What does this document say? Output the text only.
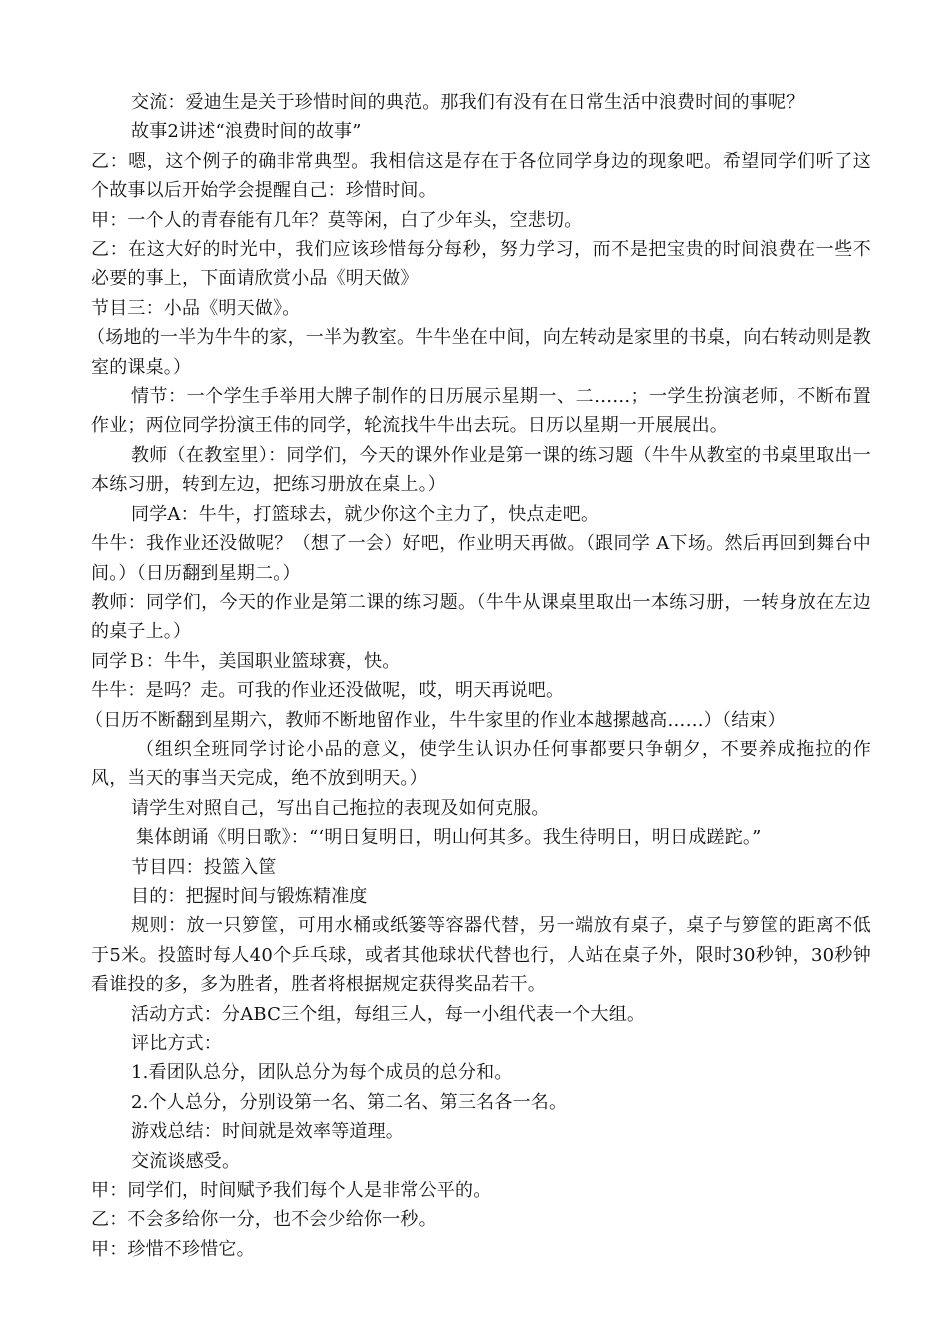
交流：爱迪生是关于珍惜时间的典范。那我们有没有在日常生活中浪费时间的事呢？

故事2讲述“浪费时间的故事”

乙：嗯，这个例子的确非常典型。我相信这是存在于各位同学身边的现象吧。希望同学们听了这个故事以后开始学会提醒自己：珍惜时间。

甲：一个人的青春能有几年？莫等闲，白了少年头，空悲切。

乙：在这大好的时光中，我们应该珍惜每分每秒，努力学习，而不是把宝贵的时间浪费在一些不必要的事上，下面请欣赏小品《明天做》

节目三：小品《明天做》。

（场地的一半为牛牛的家，一半为教室。牛牛坐在中间，向左转动是家里的书桌，向右转动则是教室的课桌。）

情节：一个学生手举用大牌子制作的日历展示星期一、二……；一学生扮演老师，不断布置作业；两位同学扮演王伟的同学，轮流找牛牛出去玩。日历以星期一开展展出。

教师（在教室里）：同学们，今天的课外作业是第一课的练习题（牛牛从教室的书桌里取出一本练习册，转到左边，把练习册放在桌上。）

同学A：牛牛，打篮球去，就少你这个主力了，快点走吧。

牛牛：我作业还没做呢？（想了一会）好吧，作业明天再做。（跟同学 A下场。然后再回到舞台中间。）（日历翻到星期二。）

教师：同学们，今天的作业是第二课的练习题。（牛牛从课桌里取出一本练习册，一转身放在左边的桌子上。）

同学Ｂ：牛牛，美国职业篮球赛，快。

牛牛：是吗？走。可我的作业还没做呢，哎，明天再说吧。

（日历不断翻到星期六，教师不断地留作业，牛牛家里的作业本越摞越高……）（结束）

（组织全班同学讨论小品的意义，使学生认识办任何事都要只争朝夕，不要养成拖拉的作风，当天的事当天完成，绝不放到明天。）

请学生对照自己，写出自己拖拉的表现及如何克服。

集体朗诵《明日歌》：“‘明日复明日，明山何其多。我生待明日，明日成蹉跎。”

节目四：投篮入筐

目的：把握时间与锻炼精准度

规则：放一只箩筐，可用水桶或纸篓等容器代替，另一端放有桌子，桌子与箩筐的距离不低于5米。投篮时每人40个乒乓球，或者其他球状代替也行，人站在桌子外，限时30秒钟，30秒钟看谁投的多，多为胜者，胜者将根据规定获得奖品若干。

活动方式：分ABC三个组，每组三人，每一小组代表一个大组。

评比方式：

1.看团队总分，团队总分为每个成员的总分和。

2.个人总分，分别设第一名、第二名、第三名各一名。

游戏总结：时间就是效率等道理。

交流谈感受。

甲：同学们，时间赋予我们每个人是非常公平的。

乙：不会多给你一分，也不会少给你一秒。

甲：珍惜不珍惜它。
